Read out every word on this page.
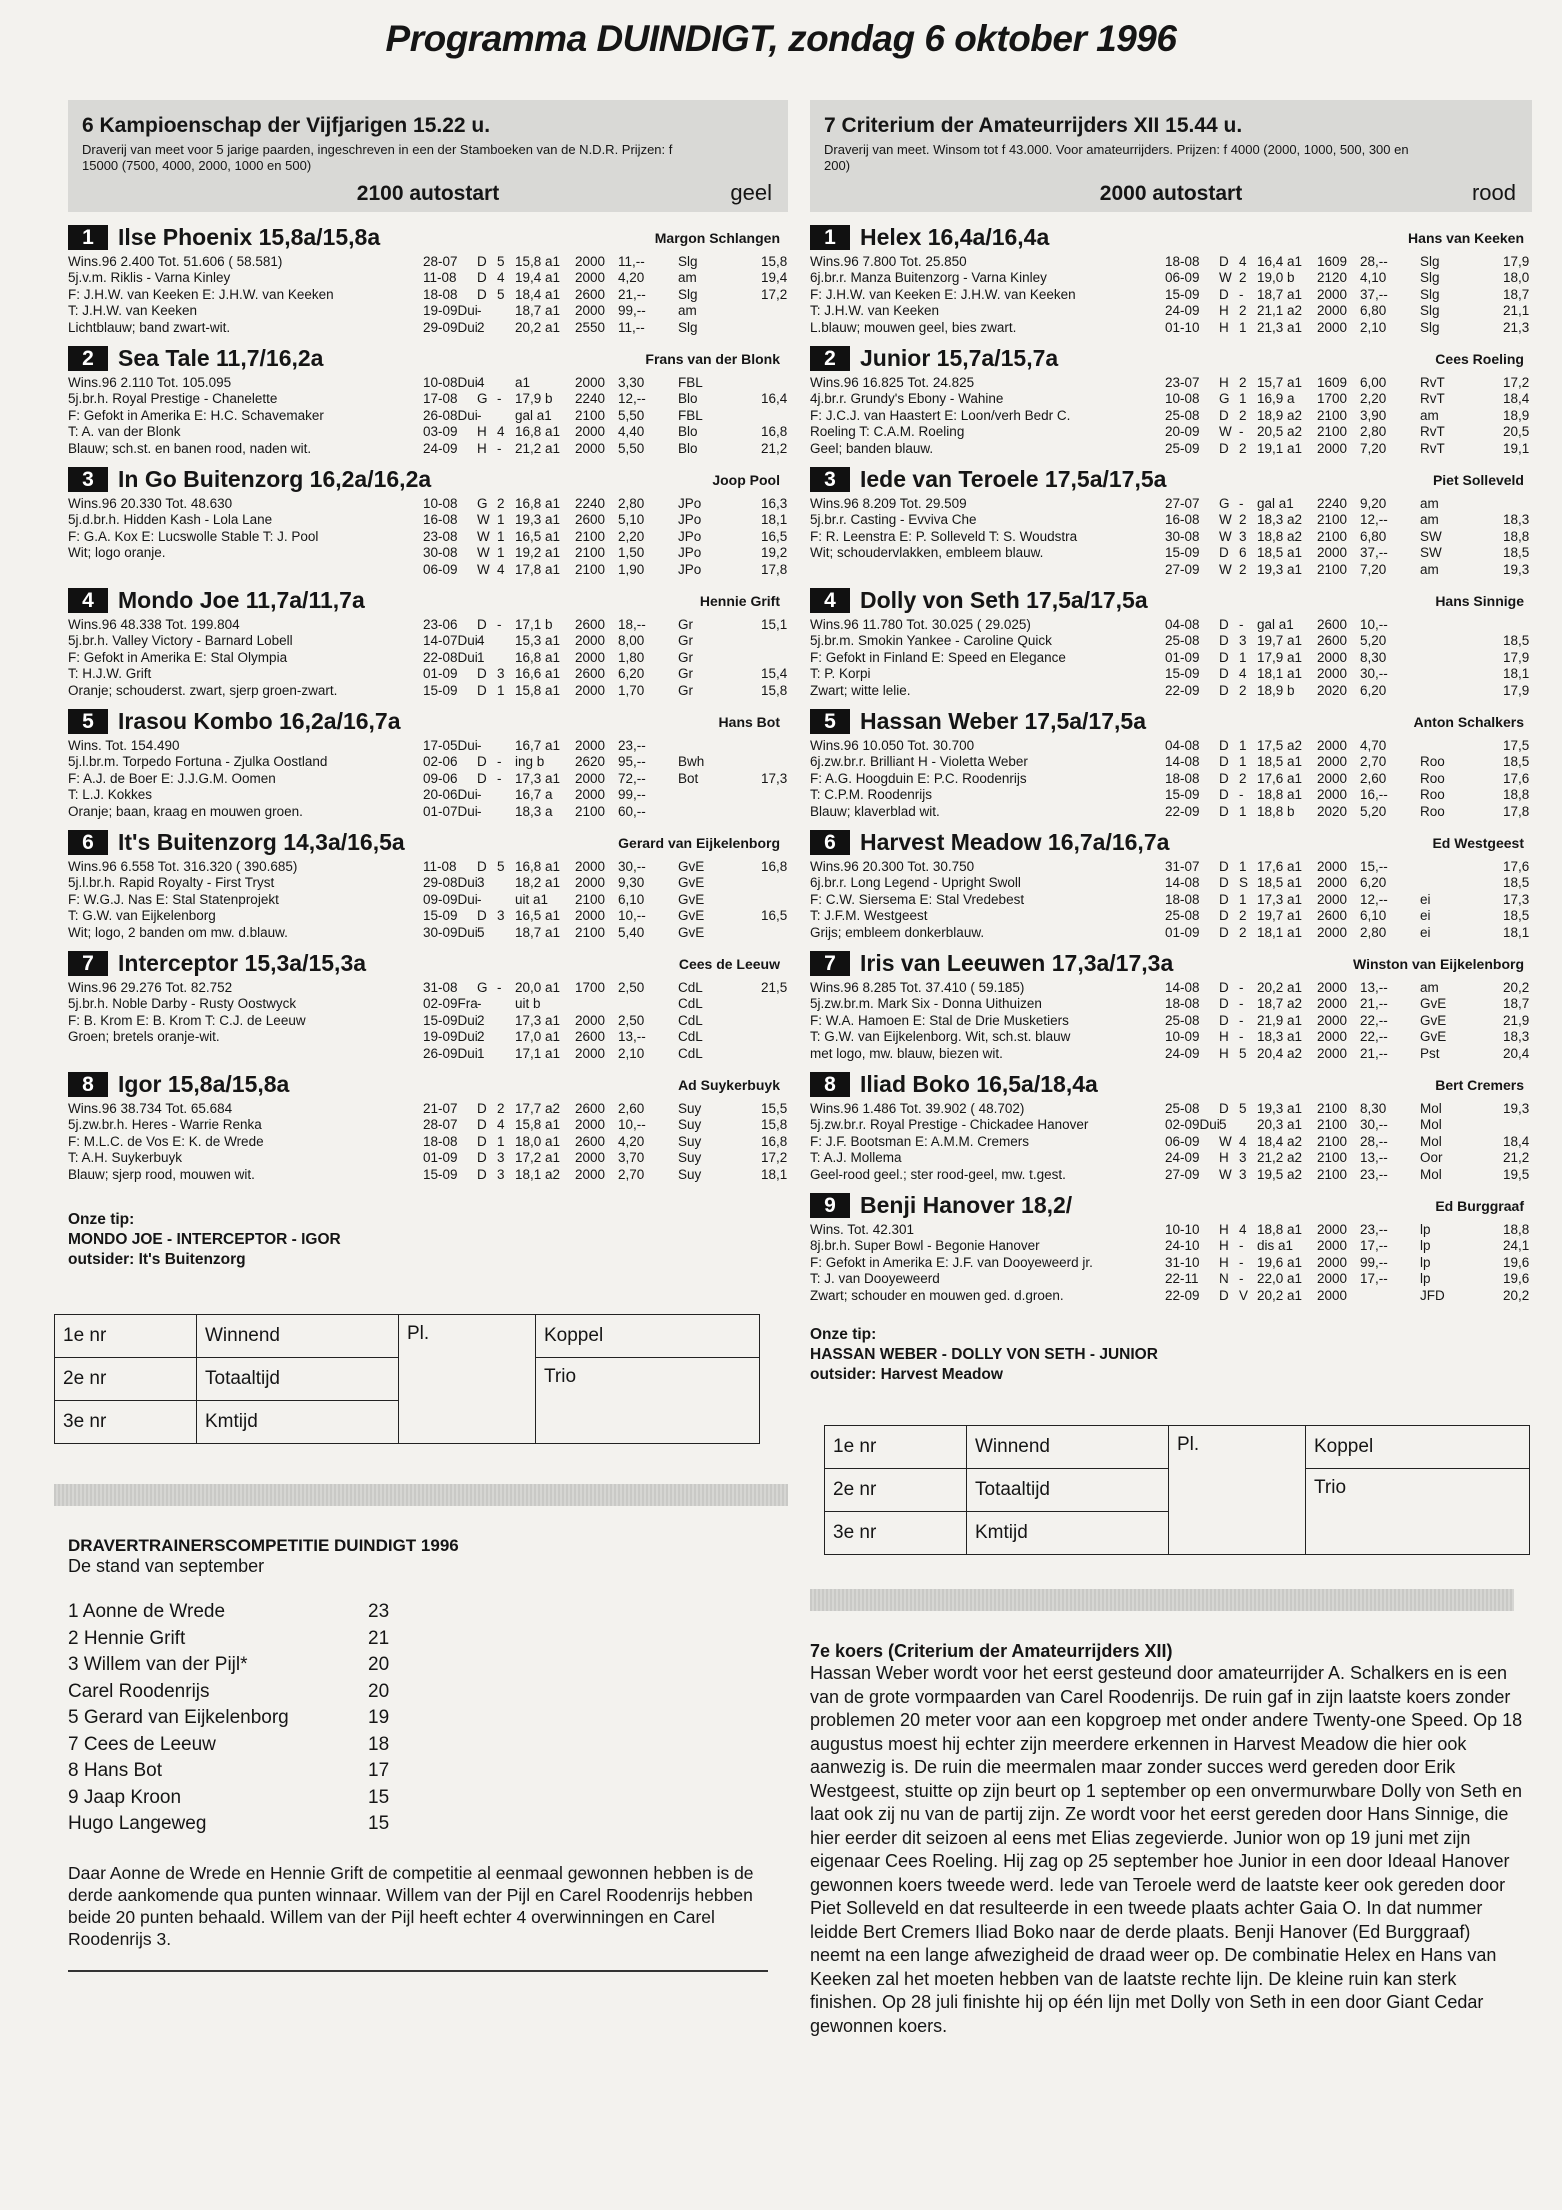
Programma DUINDIGT, zondag 6 oktober 1996
6 Kampioenschap der Vijfjarigen 15.22 u.
Draverij van meet voor 5 jarige paarden, ingeschreven in een der Stamboeken van de N.D.R. Prijzen: f 15000 (7500, 4000, 2000, 1000 en 500)
2100 autostart	geel
1 Ilse Phoenix 15,8a/15,8a	Margon Schlangen
Wins.96 2.400 Tot. 51.606 ( 58.581)
5j.v.m. Riklis - Varna Kinley
F: J.H.W. van Keeken E: J.H.W. van Keeken
T: J.H.W. van Keeken
Lichtblauw; band zwart-wit.
28-07 D 5 15,8 a1 2000 11,-- Slg	15,8
11-08 D 4 19,4 a1 2000 4,20 am	19,4
18-08 D 5 18,4 a1 2600 21,-- Slg	17,2
19-09Dui - 18,7 a1 2000 99,-- am
29-09Dui 2 20,2 a1 2550 11,-- Slg
2 Sea Tale 11,7/16,2a	Frans van der Blonk
Wins.96 2.110 Tot. 105.095
5j.br.h. Royal Prestige - Chanelette
F: Gefokt in Amerika E: H.C. Schavemaker
T: A. van der Blonk
Blauw; sch.st. en banen rood, naden wit.
10-08Dui 4 a1	2000 3,30 FBL
17-08 G - 17,9 b 2240 12,-- Blo	16,4
26-08Dui - gal a1 2100 5,50 FBL
03-09 H 4 16,8 a1 2000 4,40 Blo	16,8
24-09 H - 21,2 a1 2000 5,50 Blo	21,2
3 In Go Buitenzorg 16,2a/16,2a	Joop Pool
Wins.96 20.330 Tot. 48.630
5j.d.br.h. Hidden Kash - Lola Lane
F: G.A. Kox E: Lucswolle Stable T: J. Pool
Wit; logo oranje.
10-08 G 2 16,8 a1 2240 2,80 JPo	16,3
16-08 W 1 19,3 a1 2600 5,10 JPo	18,1
23-08 W 1 16,5 a1 2100 2,20 JPo	16,5
30-08 W 1 19,2 a1 2100 1,50 JPo	19,2
06-09 W 4 17,8 a1 2100 1,90 JPo	17,8
4 Mondo Joe 11,7a/11,7a	Hennie Grift
Wins.96 48.338 Tot. 199.804
5j.br.h. Valley Victory - Barnard Lobell
F: Gefokt in Amerika E: Stal Olympia
T: H.J.W. Grift
Oranje; schouderst. zwart, sjerp groen-zwart.
23-06 D - 17,1 b 2600 18,-- Gr	15,1
14-07Dui 4 15,3 a1 2000 8,00 Gr
22-08Dui 1 16,8 a1 2000 1,80 Gr
01-09 D 3 16,6 a1 2600 6,20 Gr	15,4
15-09 D 1 15,8 a1 2000 1,70 Gr	15,8
5 Irasou Kombo 16,2a/16,7a	Hans Bot
Wins. Tot. 154.490
5j.l.br.m. Torpedo Fortuna - Zjulka Oostland
F: A.J. de Boer E: J.J.G.M. Oomen
T: L.J. Kokkes
Oranje; baan, kraag en mouwen groen.
17-05Dui - 16,7 a1 2000 23,--
02-06 D - ing b 2620 95,-- Bwh
09-06 D - 17,3 a1 2000 72,-- Bot	17,3
20-06Dui - 16,7 a 2000 99,--
01-07Dui - 18,3 a 2100 60,--
6 It's Buitenzorg 14,3a/16,5a	Gerard van Eijkelenborg
Wins.96 6.558 Tot. 316.320 ( 390.685)
5j.l.br.h. Rapid Royalty - First Tryst
F: W.G.J. Nas E: Stal Statenprojekt
T: G.W. van Eijkelenborg
Wit; logo, 2 banden om mw. d.blauw.
11-08 D 5 16,8 a1 2000 30,-- GvE	16,8
29-08Dui 3 18,2 a1 2000 9,30 GvE
09-09Dui - uit a1 2100 6,10 GvE
15-09 D 3 16,5 a1 2000 10,-- GvE	16,5
30-09Dui 5 18,7 a1 2100 5,40 GvE
7 Interceptor 15,3a/15,3a	Cees de Leeuw
Wins.96 29.276 Tot. 82.752
5j.br.h. Noble Darby - Rusty Oostwyck
F: B. Krom E: B. Krom T: C.J. de Leeuw
Groen; bretels oranje-wit.
31-08 G - 20,0 a1 1700 2,50 CdL	21,5
02-09Fra - uit b	CdL
15-09Dui 2 17,3 a1 2000 2,50 CdL
19-09Dui 2 17,0 a1 2600 13,-- CdL
26-09Dui 1 17,1 a1 2000 2,10 CdL
8 Igor 15,8a/15,8a	Ad Suykerbuyk
Wins.96 38.734 Tot. 65.684
5j.zw.br.h. Heres - Warrie Renka
F: M.L.C. de Vos E: K. de Wrede
T: A.H. Suykerbuyk
Blauw; sjerp rood, mouwen wit.
21-07 D 2 17,7 a2 2600 2,60 Suy	15,5
28-07 D 4 15,8 a1 2000 10,-- Suy	15,8
18-08 D 1 18,0 a1 2600 4,20 Suy	16,8
01-09 D 3 17,2 a1 2000 3,70 Suy	17,2
15-09 D 3 18,1 a2 2000 2,70 Suy	18,1
Onze tip:
MONDO JOE - INTERCEPTOR - IGOR
outsider: It's Buitenzorg
1e nr	Winnend	Pl.	Koppel
2e nr	Totaaltijd		Trio
3e nr	Kmtijd		
DRAVERTRAINERSCOMPETITIE DUINDIGT 1996
De stand van september
1 Aonne de Wrede	23
2 Hennie Grift	21
3 Willem van der Pijl*	20
Carel Roodenrijs	20
5 Gerard van Eijkelenborg	19
7 Cees de Leeuw	18
8 Hans Bot	17
9 Jaap Kroon	15
Hugo Langeweg	15
Daar Aonne de Wrede en Hennie Grift de competitie al eenmaal gewonnen hebben is de derde aankomende qua punten winnaar. Willem van der Pijl en Carel Roodenrijs hebben beide 20 punten behaald. Willem van der Pijl heeft echter 4 overwinningen en Carel Roodenrijs 3.
7 Criterium der Amateurrijders XII 15.44 u.
Draverij van meet. Winsom tot f 43.000. Voor amateurrijders. Prijzen: f 4000 (2000, 1000, 500, 300 en 200)
2000 autostart	rood
1 Helex 16,4a/16,4a	Hans van Keeken
Wins.96 7.800 Tot. 25.850
6j.br.r. Manza Buitenzorg - Varna Kinley
F: J.H.W. van Keeken E: J.H.W. van Keeken
T: J.H.W. van Keeken
L.blauw; mouwen geel, bies zwart.
18-08 D 4 16,4 a1 1609 28,-- Slg	17,9
06-09 W 2 19,0 b 2120 4,10 Slg	18,0
15-09 D - 18,7 a1 2000 37,-- Slg	18,7
24-09 H 2 21,1 a2 2000 6,80 Slg	21,1
01-10 H 1 21,3 a1 2000 2,10 Slg	21,3
2 Junior 15,7a/15,7a	Cees Roeling
Wins.96 16.825 Tot. 24.825
4j.br.r. Grundy's Ebony - Wahine
F: J.C.J. van Haastert E: Loon/verh Bedr C.
Roeling T: C.A.M. Roeling
Geel; banden blauw.
23-07 H 2 15,7 a1 1609 6,00 RvT	17,2
10-08 G 1 16,9 a 1700 2,20 RvT	18,4
25-08 D 2 18,9 a2 2100 3,90 am	18,9
20-09 W - 20,5 a2 2100 2,80 RvT	20,5
25-09 D 2 19,1 a1 2000 7,20 RvT	19,1
3 Iede van Teroele 17,5a/17,5a	Piet Solleveld
Wins.96 8.209 Tot. 29.509
5j.br.r. Casting - Evviva Che
F: R. Leenstra E: P. Solleveld T: S. Woudstra
Wit; schoudervlakken, embleem blauw.
27-07 G - gal a1 2240 9,20 am
16-08 W 2 18,3 a2 2100 12,-- am	18,3
30-08 W 3 18,8 a2 2100 6,80 SW	18,8
15-09 D 6 18,5 a1 2000 37,-- SW	18,5
27-09 W 2 19,3 a1 2100 7,20 am	19,3
4 Dolly von Seth 17,5a/17,5a	Hans Sinnige
Wins.96 11.780 Tot. 30.025 ( 29.025)
5j.br.m. Smokin Yankee - Caroline Quick
F: Gefokt in Finland E: Speed en Elegance
T: P. Korpi
Zwart; witte lelie.
04-08 D - gal a1 2600 10,--
25-08 D 3 19,7 a1 2600 5,20	18,5
01-09 D 1 17,9 a1 2000 8,30	17,9
15-09 D 4 18,1 a1 2000 30,--	18,1
22-09 D 2 18,9 b 2020 6,20	17,9
5 Hassan Weber 17,5a/17,5a	Anton Schalkers
Wins.96 10.050 Tot. 30.700
6j.zw.br.r. Brilliant H - Violetta Weber
F: A.G. Hoogduin E: P.C. Roodenrijs
T: C.P.M. Roodenrijs
Blauw; klaverblad wit.
04-08 D 1 17,5 a2 2000 4,70	17,5
14-08 D 1 18,5 a1 2000 2,70 Roo	18,5
18-08 D 2 17,6 a1 2000 2,60 Roo	17,6
15-09 D - 18,8 a1 2000 16,-- Roo	18,8
22-09 D 1 18,8 b 2020 5,20 Roo	17,8
6 Harvest Meadow 16,7a/16,7a	Ed Westgeest
Wins.96 20.300 Tot. 30.750
6j.br.r. Long Legend - Upright Swoll
F: C.W. Siersema E: Stal Vredebest
T: J.F.M. Westgeest
Grijs; embleem donkerblauw.
31-07 D 1 17,6 a1 2000 15,--	17,6
14-08 D S 18,5 a1 2000 6,20	18,5
18-08 D 1 17,3 a1 2000 12,-- ei	17,3
25-08 D 2 19,7 a1 2600 6,10 ei	18,5
01-09 D 2 18,1 a1 2000 2,80 ei	18,1
7 Iris van Leeuwen 17,3a/17,3a	Winston van Eijkelenborg
Wins.96 8.285 Tot. 37.410 ( 59.185)
5j.zw.br.m. Mark Six - Donna Uithuizen
F: W.A. Hamoen E: Stal de Drie Musketiers
T: G.W. van Eijkelenborg. Wit, sch.st. blauw
met logo, mw. blauw, biezen wit.
14-08 D - 20,2 a1 2000 13,-- am	20,2
18-08 D - 18,7 a2 2000 21,-- GvE	18,7
25-08 D - 21,9 a1 2000 22,-- GvE	21,9
10-09 H - 18,3 a1 2000 22,-- GvE	18,3
24-09 H 5 20,4 a2 2000 21,-- Pst	20,4
8 Iliad Boko 16,5a/18,4a	Bert Cremers
Wins.96 1.486 Tot. 39.902 ( 48.702)
5j.zw.br.r. Royal Prestige - Chickadee Hanover
F: J.F. Bootsman E: A.M.M. Cremers
T: A.J. Mollema
Geel-rood geel.; ster rood-geel, mw. t.gest.
25-08 D 5 19,3 a1 2100 8,30 Mol	19,3
02-09Dui 5 20,3 a1 2100 30,-- Mol
06-09 W 4 18,4 a2 2100 28,-- Mol	18,4
24-09 H 3 21,2 a2 2100 13,-- Oor	21,2
27-09 W 3 19,5 a2 2100 23,-- Mol	19,5
9 Benji Hanover 18,2/	Ed Burggraaf
Wins. Tot. 42.301
8j.br.h. Super Bowl - Begonie Hanover
F: Gefokt in Amerika E: J.F. van Dooyeweerd jr.
T: J. van Dooyeweerd
Zwart; schouder en mouwen ged. d.groen.
10-10 H 4 18,8 a1 2000 23,-- lp	18,8
24-10 H - dis a1 2000 17,-- lp	24,1
31-10 H - 19,6 a1 2000 99,-- lp	19,6
22-11 N - 22,0 a1 2000 17,-- lp	19,6
22-09 D V 20,2 a1 2000	JFD	20,2
Onze tip:
HASSAN WEBER - DOLLY VON SETH - JUNIOR
outsider: Harvest Meadow
1e nr	Winnend	Pl.	Koppel
2e nr	Totaaltijd		Trio
3e nr	Kmtijd		
7e koers (Criterium der Amateurrijders XII)
Hassan Weber wordt voor het eerst gesteund door amateurrijder A. Schalkers en is een van de grote vormpaarden van Carel Roodenrijs. De ruin gaf in zijn laatste koers zonder problemen 20 meter voor aan een kopgroep met onder andere Twenty-one Speed. Op 18 augustus moest hij echter zijn meerdere erkennen in Harvest Meadow die hier ook aanwezig is. De ruin die meermalen maar zonder succes werd gereden door Erik Westgeest, stuitte op zijn beurt op 1 september op een onvermurwbare Dolly von Seth en laat ook zij nu van de partij zijn. Ze wordt voor het eerst gereden door Hans Sinnige, die hier eerder dit seizoen al eens met Elias zegevierde. Junior won op 19 juni met zijn eigenaar Cees Roeling. Hij zag op 25 september hoe Junior in een door Ideaal Hanover gewonnen koers tweede werd. Iede van Teroele werd de laatste keer ook gereden door Piet Solleveld en dat resulteerde in een tweede plaats achter Gaia O. In dat nummer leidde Bert Cremers Iliad Boko naar de derde plaats. Benji Hanover (Ed Burggraaf) neemt na een lange afwezigheid de draad weer op. De combinatie Helex en Hans van Keeken zal het moeten hebben van de laatste rechte lijn. De kleine ruin kan sterk finishen. Op 28 juli finishte hij op één lijn met Dolly von Seth in een door Giant Cedar gewonnen koers.
